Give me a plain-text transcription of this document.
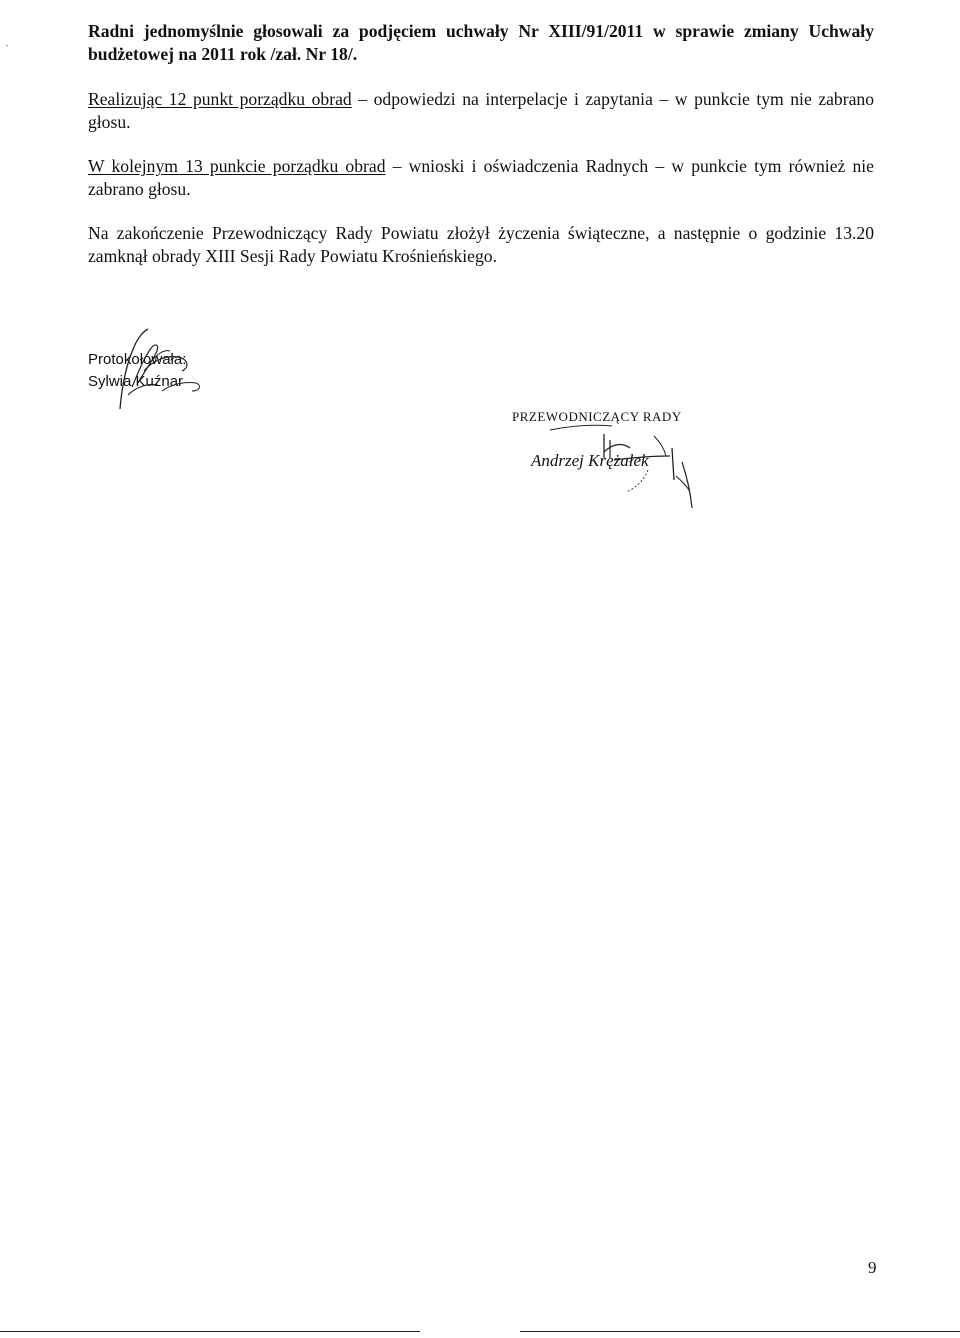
`

Radni jednomyślnie głosowali za podjęciem uchwały Nr XIII/91/2011 w sprawie zmiany Uchwały budżetowej na 2011 rok /zał. Nr 18/.

Realizując 12 punkt porządku obrad – odpowiedzi na interpelacje i zapytania – w punkcie tym nie zabrano głosu.

W kolejnym 13 punkcie porządku obrad – wnioski i oświadczenia Radnych – w punkcie tym również nie zabrano głosu.

Na zakończenie Przewodniczący Rady Powiatu złożył życzenia świąteczne, a następnie o godzinie 13.20 zamknął obrady XIII Sesji Rady Powiatu Krośnieńskiego.

Protokołowała:
Sylwia Kuźnar
PRZEWODNICZĄCY RADY
Andrzej Krężałek
9
